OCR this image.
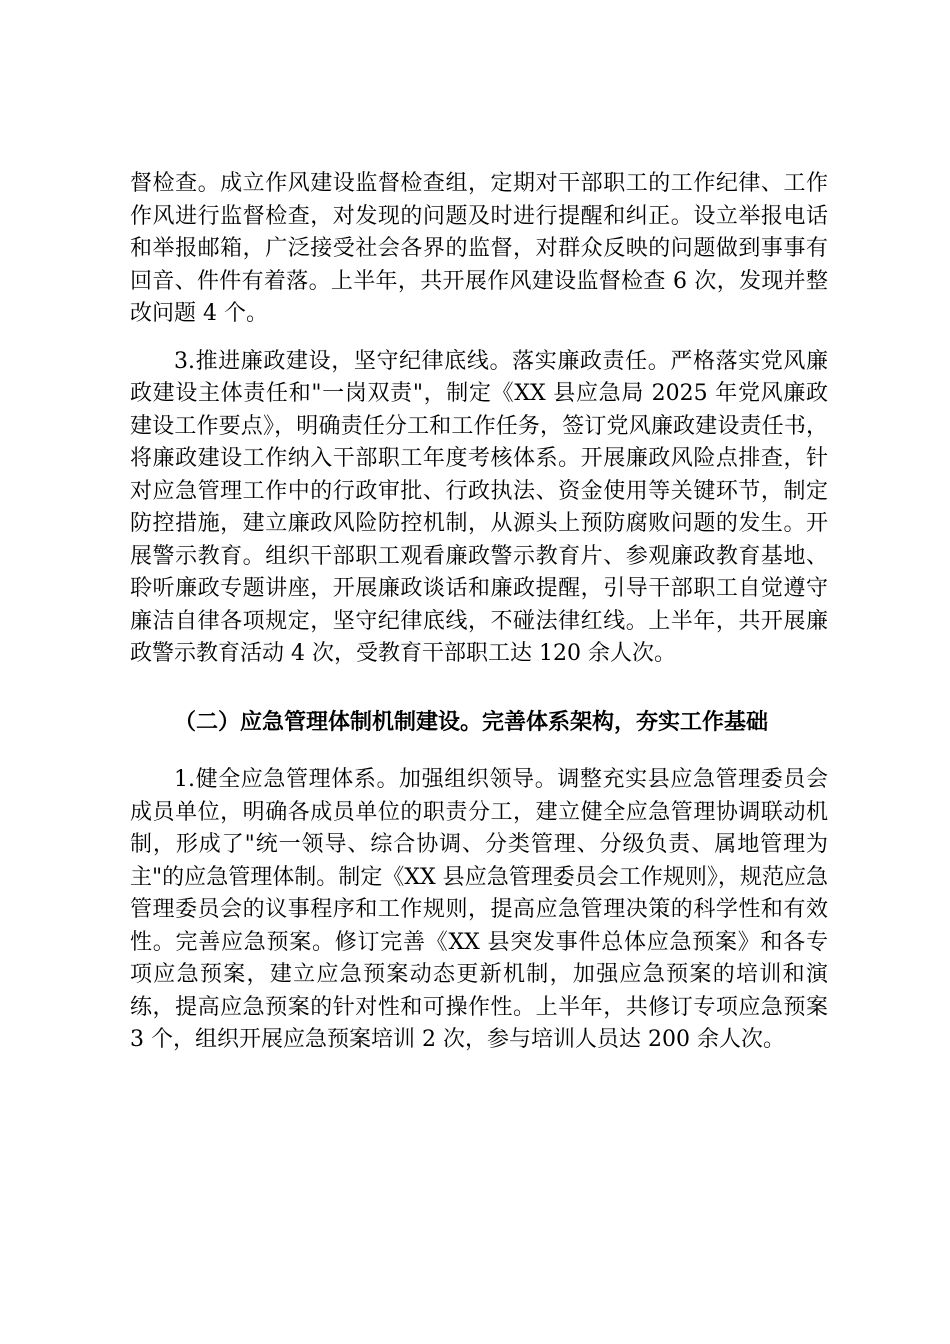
督检查。成立作风建设监督检查组，定期对干部职工的工作纪律、工作作风进行监督检查，对发现的问题及时进行提醒和纠正。设立举报电话和举报邮箱，广泛接受社会各界的监督，对群众反映的问题做到事事有回音、件件有着落。上半年，共开展作风建设监督检查 6 次，发现并整改问题 4 个。

3.推进廉政建设，坚守纪律底线。落实廉政责任。严格落实党风廉政建设主体责任和"一岗双责"，制定《XX 县应急局 2025 年党风廉政建设工作要点》，明确责任分工和工作任务，签订党风廉政建设责任书，将廉政建设工作纳入干部职工年度考核体系。开展廉政风险点排查，针对应急管理工作中的行政审批、行政执法、资金使用等关键环节，制定防控措施，建立廉政风险防控机制，从源头上预防腐败问题的发生。开展警示教育。组织干部职工观看廉政警示教育片、参观廉政教育基地、聆听廉政专题讲座，开展廉政谈话和廉政提醒，引导干部职工自觉遵守廉洁自律各项规定，坚守纪律底线，不碰法律红线。上半年，共开展廉政警示教育活动 4 次，受教育干部职工达 120 余人次。

（二）应急管理体制机制建设。完善体系架构，夯实工作基础

1.健全应急管理体系。加强组织领导。调整充实县应急管理委员会成员单位，明确各成员单位的职责分工，建立健全应急管理协调联动机制，形成了"统一领导、综合协调、分类管理、分级负责、属地管理为主"的应急管理体制。制定《XX 县应急管理委员会工作规则》，规范应急管理委员会的议事程序和工作规则，提高应急管理决策的科学性和有效性。完善应急预案。修订完善《XX 县突发事件总体应急预案》和各专项应急预案，建立应急预案动态更新机制，加强应急预案的培训和演练，提高应急预案的针对性和可操作性。上半年，共修订专项应急预案 3 个，组织开展应急预案培训 2 次，参与培训人员达 200 余人次。
